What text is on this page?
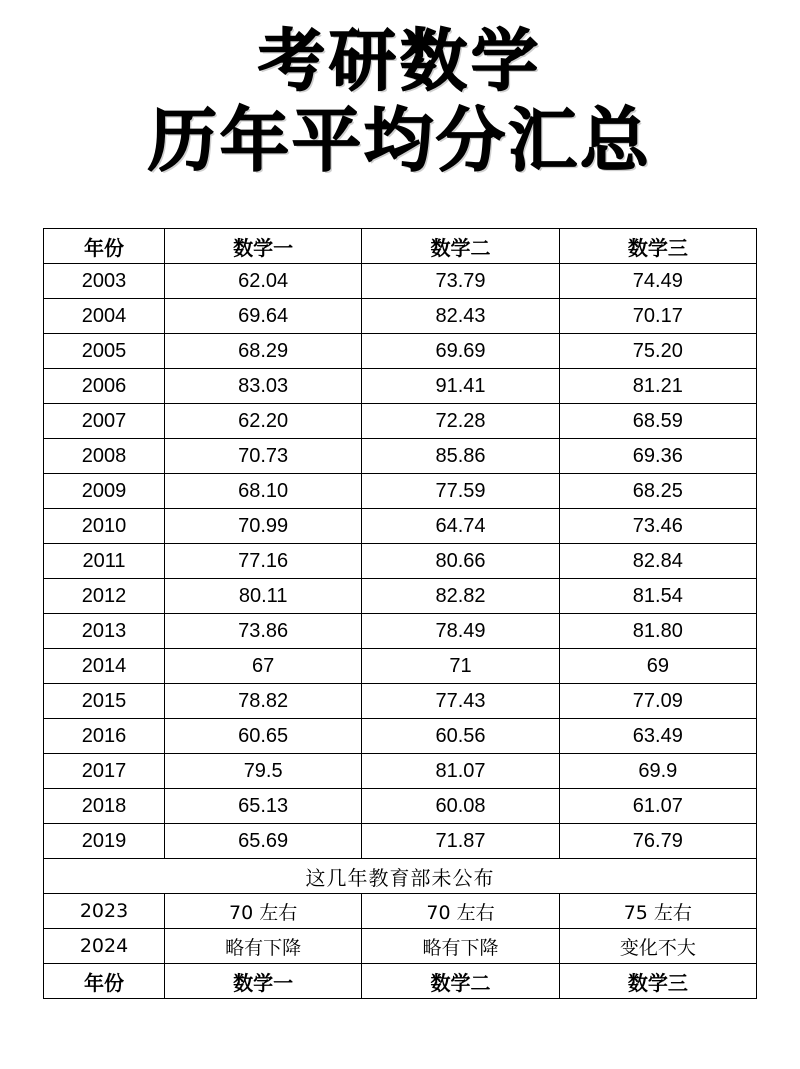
考研数学
历年平均分汇总
年份	数学一	数学二	数学三
2003	62.04	73.79	74.49
2004	69.64	82.43	70.17
2005	68.29	69.69	75.20
2006	83.03	91.41	81.21
2007	62.20	72.28	68.59
2008	70.73	85.86	69.36
2009	68.10	77.59	68.25
2010	70.99	64.74	73.46
2011	77.16	80.66	82.84
2012	80.11	82.82	81.54
2013	73.86	78.49	81.80
2014	67	71	69
2015	78.82	77.43	77.09
2016	60.65	60.56	63.49
2017	79.5	81.07	69.9
2018	65.13	60.08	61.07
2019	65.69	71.87	76.79
这几年教育部未公布			
2023	70 左右	70 左右	75 左右
2024	略有下降	略有下降	变化不大
年份	数学一	数学二	数学三
